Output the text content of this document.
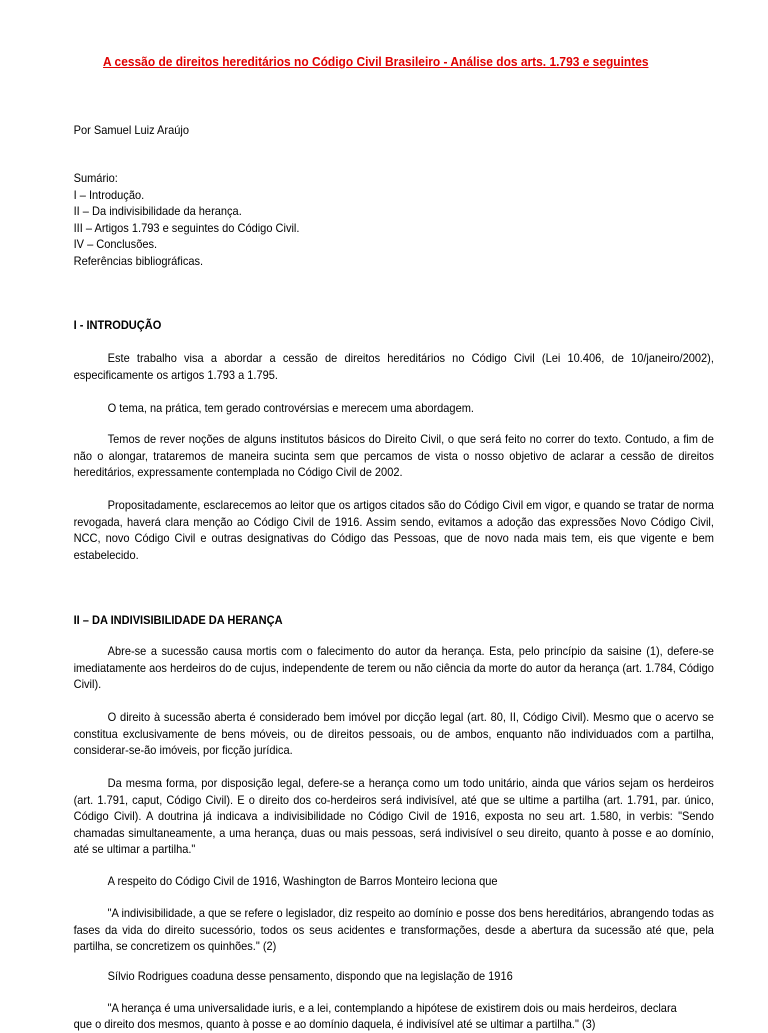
A cessão de direitos hereditários no Código Civil Brasileiro - Análise dos arts. 1.793 e seguintes
Por Samuel Luiz Araújo
Sumário:
I – Introdução.
II – Da indivisibilidade da herança.
III – Artigos 1.793 e seguintes do Código Civil.
IV – Conclusões.
Referências bibliográficas.
I - INTRODUÇÃO
Este trabalho visa a abordar a cessão de direitos hereditários no Código Civil (Lei 10.406, de 10/janeiro/2002), especificamente os artigos 1.793 a 1.795.
O tema, na prática, tem gerado controvérsias e merecem uma abordagem.
Temos de rever noções de alguns institutos básicos do Direito Civil, o que será feito no correr do texto. Contudo, a fim de não o alongar, trataremos de maneira sucinta sem que percamos de vista o nosso objetivo de aclarar a cessão de direitos hereditários, expressamente contemplada no Código Civil de 2002.
Propositadamente, esclarecemos ao leitor que os artigos citados são do Código Civil em vigor, e quando se tratar de norma revogada, haverá clara menção ao Código Civil de 1916. Assim sendo, evitamos a adoção das expressões Novo Código Civil, NCC, novo Código Civil e outras designativas do Código das Pessoas, que de novo nada mais tem, eis que vigente e bem estabelecido.
II – DA INDIVISIBILIDADE DA HERANÇA
Abre-se a sucessão causa mortis com o falecimento do autor da herança. Esta, pelo princípio da saisine (1), defere-se imediatamente aos herdeiros do de cujus, independente de terem ou não ciência da morte do autor da herança (art. 1.784, Código Civil).
O direito à sucessão aberta é considerado bem imóvel por dicção legal (art. 80, II, Código Civil). Mesmo que o acervo se constitua exclusivamente de bens móveis, ou de direitos pessoais, ou de ambos, enquanto não individuados com a partilha, considerar-se-ão imóveis, por ficção jurídica.
Da mesma forma, por disposição legal, defere-se a herança como um todo unitário, ainda que vários sejam os herdeiros (art. 1.791, caput, Código Civil). E o direito dos co-herdeiros será indivisível, até que se ultime a partilha (art. 1.791, par. único, Código Civil). A doutrina já indicava a indivisibilidade no Código Civil de 1916, exposta no seu art. 1.580, in verbis: "Sendo chamadas simultaneamente, a uma herança, duas ou mais pessoas, será indivisível o seu direito, quanto à posse e ao domínio, até se ultimar a partilha."
A respeito do Código Civil de 1916, Washington de Barros Monteiro leciona que
"A indivisibilidade, a que se refere o legislador, diz respeito ao domínio e posse dos bens hereditários, abrangendo todas as fases da vida do direito sucessório, todos os seus acidentes e transformações, desde a abertura da sucessão até que, pela partilha, se concretizem os quinhões." (2)
Sílvio Rodrigues coaduna desse pensamento, dispondo que na legislação de 1916
"A herança é uma universalidade iuris, e a lei, contemplando a hipótese de existirem dois ou mais herdeiros, declara
que o direito dos mesmos, quanto à posse e ao domínio daquela, é indivisível até se ultimar a partilha." (3)
